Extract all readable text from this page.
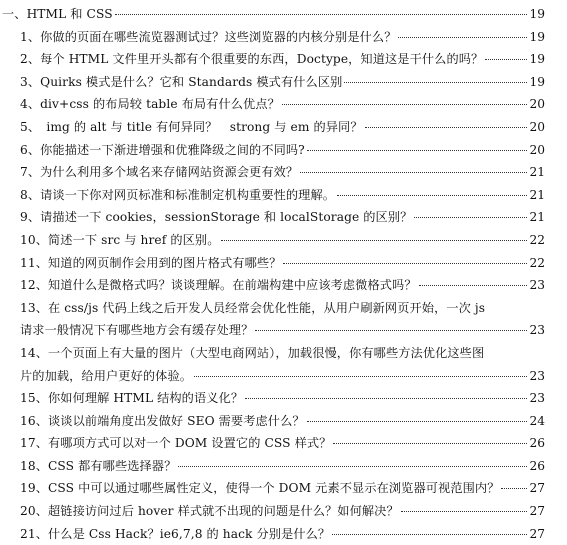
一、HTML 和 CSS	19
1、你做的页面在哪些流览器测试过？这些浏览器的内核分别是什么？	19
2、每个 HTML 文件里开头都有个很重要的东西，Doctype，知道这是干什么的吗？	19
3、Quirks 模式是什么？它和 Standards 模式有什么区别	19
4、div+css 的布局较 table 布局有什么优点？	20
5、　img 的 alt 与 title 有何异同？　strong 与 em 的异同？	20
6、你能描述一下渐进增强和优雅降级之间的不同吗?	20
7、为什么利用多个域名来存储网站资源会更有效？	21
8、请谈一下你对网页标准和标准制定机构重要性的理解。	21
9、请描述一下 cookies，sessionStorage 和 localStorage 的区别？	21
10、简述一下 src 与 href 的区别。	22
11、知道的网页制作会用到的图片格式有哪些？	22
12、知道什么是微格式吗？谈谈理解。在前端构建中应该考虑微格式吗？	23
13、在 css/js 代码上线之后开发人员经常会优化性能，从用户刷新网页开始，一次 js
请求一般情况下有哪些地方会有缓存处理？	23
14、一个页面上有大量的图片（大型电商网站），加载很慢，你有哪些方法优化这些图
片的加载，给用户更好的体验。	23
15、你如何理解 HTML 结构的语义化？	23
16、谈谈以前端角度出发做好 SEO 需要考虑什么？	24
17、有哪项方式可以对一个 DOM 设置它的 CSS 样式？	26
18、CSS 都有哪些选择器？	26
19、CSS 中可以通过哪些属性定义，使得一个 DOM 元素不显示在浏览器可视范围内？ 27
20、超链接访问过后 hover 样式就不出现的问题是什么？如何解决？	27
21、什么是 Css Hack？ie6,7,8 的 hack 分别是什么？	27
